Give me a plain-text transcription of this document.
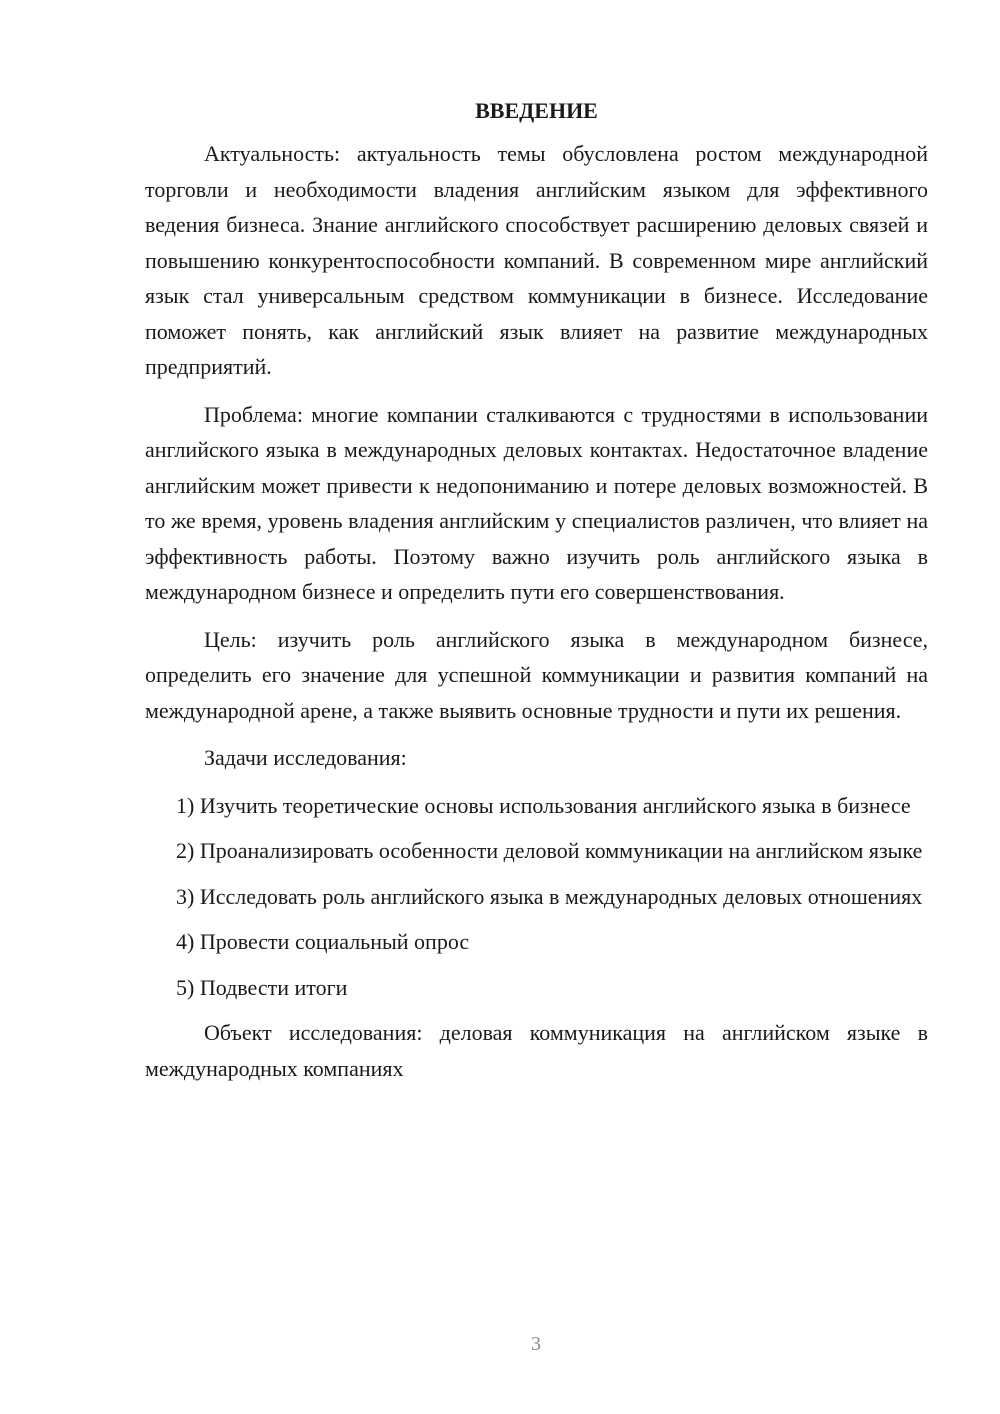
ВВЕДЕНИЕ

Актуальность: актуальность темы обусловлена ростом международной торговли и необходимости владения английским языком для эффективного ведения бизнеса. Знание английского способствует расширению деловых связей и повышению конкурентоспособности компаний. В современном мире английский язык стал универсальным средством коммуникации в бизнесе. Исследование поможет понять, как английский язык влияет на развитие международных предприятий.

Проблема: многие компании сталкиваются с трудностями в использовании английского языка в международных деловых контактах. Недостаточное владение английским может привести к недопониманию и потере деловых возможностей. В то же время, уровень владения английским у специалистов различен, что влияет на эффективность работы. Поэтому важно изучить роль английского языка в международном бизнесе и определить пути его совершенствования.

Цель: изучить роль английского языка в международном бизнесе, определить его значение для успешной коммуникации и развития компаний на международной арене, а также выявить основные трудности и пути их решения.

Задачи исследования:

1) Изучить теоретические основы использования английского языка в бизнесе

2) Проанализировать особенности деловой коммуникации на английском языке

3) Исследовать роль английского языка в международных деловых отношениях

4) Провести социальный опрос

5) Подвести итоги

Объект исследования: деловая коммуникация на английском языке в международных компаниях

3
